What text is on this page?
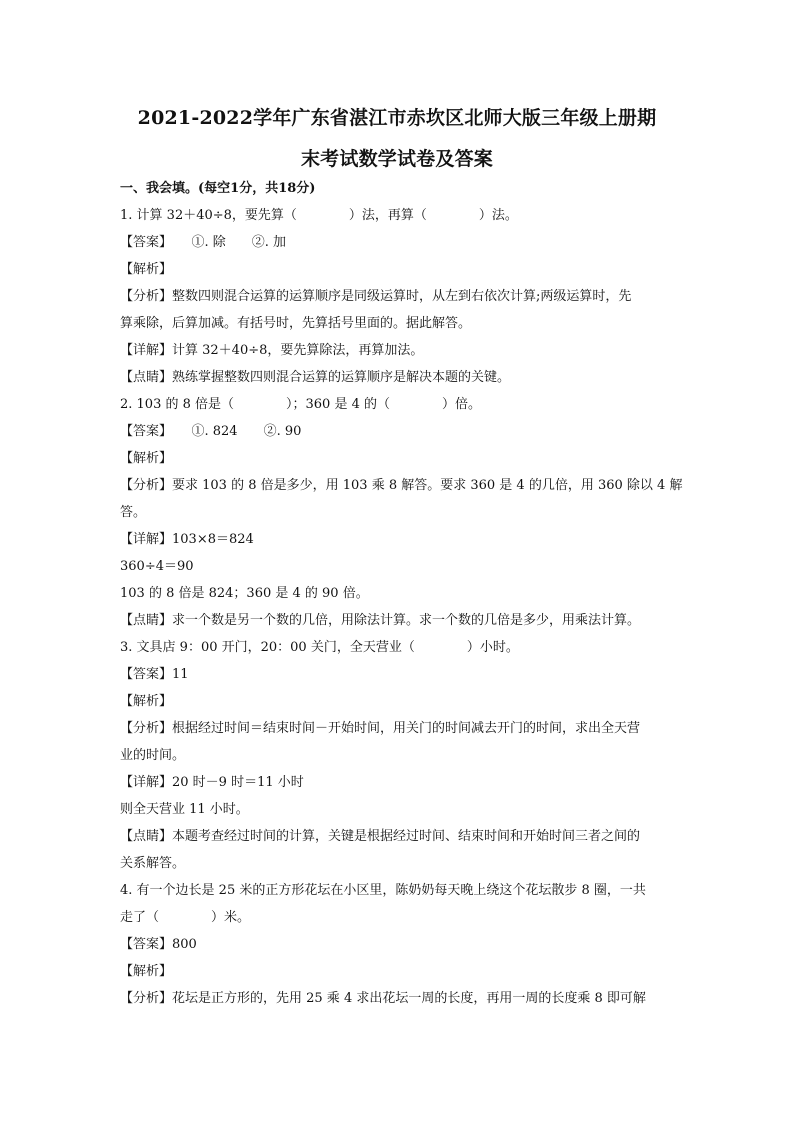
2021-2022学年广东省湛江市赤坎区北师大版三年级上册期
末考试数学试卷及答案
一、我会填。(每空1分，共18分)
1. 计算 32＋40÷8，要先算（　　　　）法，再算（　　　　）法。
【答案】　　①. 除　　②. 加
【解析】
【分析】整数四则混合运算的运算顺序是同级运算时，从左到右依次计算;两级运算时，先
算乘除，后算加减。有括号时，先算括号里面的。据此解答。
【详解】计算 32＋40÷8，要先算除法，再算加法。
【点睛】熟练掌握整数四则混合运算的运算顺序是解决本题的关键。
2. 103 的 8 倍是（　　　　）；360 是 4 的（　　　　）倍。
【答案】　　①. 824　　②. 90
【解析】
【分析】要求 103 的 8 倍是多少，用 103 乘 8 解答。要求 360 是 4 的几倍，用 360 除以 4 解
答。
【详解】103×8＝824
360÷4＝90
103 的 8 倍是 824；360 是 4 的 90 倍。
【点睛】求一个数是另一个数的几倍，用除法计算。求一个数的几倍是多少，用乘法计算。
3. 文具店 9：00 开门，20：00 关门，全天营业（　　　　）小时。
【答案】11
【解析】
【分析】根据经过时间＝结束时间－开始时间，用关门的时间减去开门的时间，求出全天营
业的时间。
【详解】20 时－9 时＝11 小时
则全天营业 11 小时。
【点睛】本题考查经过时间的计算，关键是根据经过时间、结束时间和开始时间三者之间的
关系解答。
4. 有一个边长是 25 米的正方形花坛在小区里，陈奶奶每天晚上绕这个花坛散步 8 圈，一共
走了（　　　　）米。
【答案】800
【解析】
【分析】花坛是正方形的，先用 25 乘 4 求出花坛一周的长度，再用一周的长度乘 8 即可解
